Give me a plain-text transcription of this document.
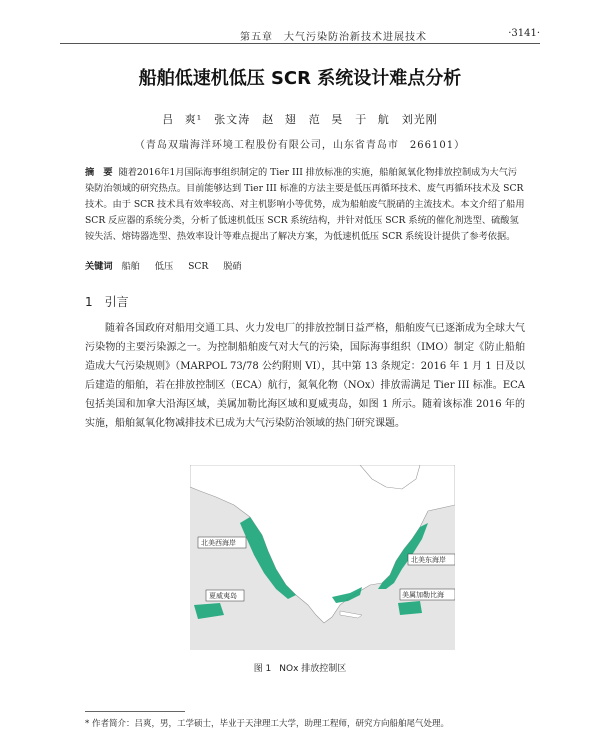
第五章　大气污染防治新技术进展技术	·3141·
船舶低速机低压 SCR 系统设计难点分析
吕 爽¹　张文涛　赵 翅　范 昊　于 航　刘光刚
（青岛双瑞海洋环境工程股份有限公司，山东省青岛市　266101）
摘　要 随着2016年1月国际海事组织制定的 Tier III 排放标准的实施，船舶氮氧化物排放控制成为大气污染防治领域的研究热点。目前能够达到 Tier III 标准的方法主要是低压再循环技术、废气再循环技术及 SCR 技术。由于 SCR 技术具有效率较高、对主机影响小等优势，成为船舶废气脱硝的主流技术。本文介绍了船用 SCR 反应器的系统分类，分析了低速机低压 SCR 系统结构，并针对低压 SCR 系统的催化剂选型、硫酸氢铵失活、熔铸器选型、热效率设计等难点提出了解决方案，为低速机低压 SCR 系统设计提供了参考依据。
关键词 船舶 低压 SCR 脱硝
1 引言
随着各国政府对船用交通工具、火力发电厂的排放控制日益严格，船舶废气已逐渐成为全球大气污染物的主要污染源之一。为控制船舶废气对大气的污染，国际海事组织（IMO）制定《防止船舶造成大气污染规则》（MARPOL 73/78 公约附则 VI），其中第 13 条规定：2016 年 1 月 1 日及以后建造的船舶，若在排放控制区（ECA）航行，氮氧化物（NOx）排放需满足 Tier III 标准。ECA 包括美国和加拿大沿海区域，美属加勒比海区域和夏威夷岛，如图 1 所示。随着该标准 2016 年的实施，船舶氮氧化物减排技术已成为大气污染防治领域的热门研究课题。
北美西海岸
北美东海岸
夏威夷岛	美属加勒比海
图 1 NOx 排放控制区
* 作者简介：吕爽，男，工学硕士，毕业于天津理工大学，助理工程师，研究方向船舶尾气处理。
